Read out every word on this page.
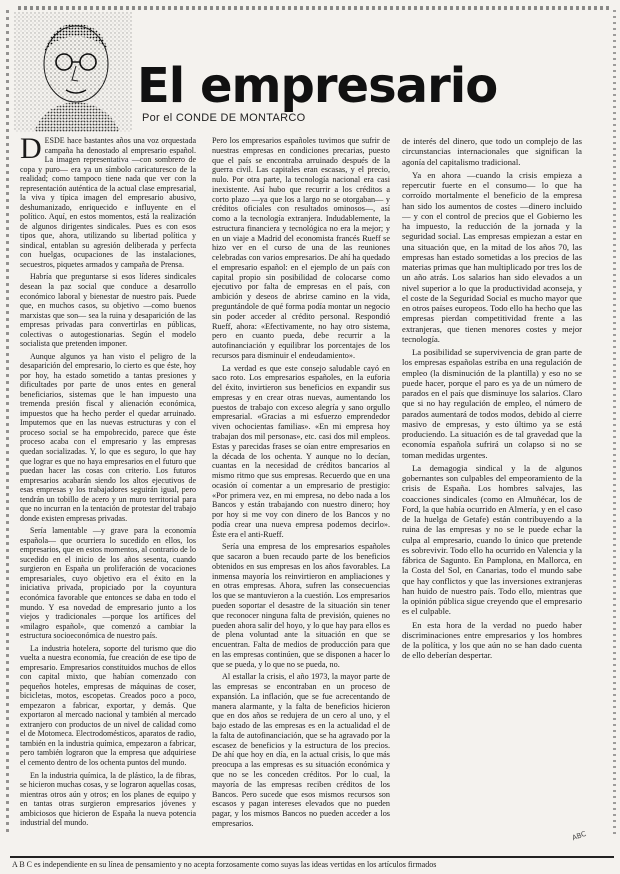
El empresario
Por el CONDE DE MONTARCO

DESDE hace bastantes años una voz orquestada campaña ha denostado al empresario español. La imagen representativa —con sombrero de copa y puro— era ya un símbolo caricaturesco de la realidad; como tampoco tiene nada que ver con la representación auténtica de la actual clase empresarial, la viva y típica imagen del empresario abusivo, deshumanizado, enriquecido e influyente en el político. Aquí, en estos momentos, está la realización de algunos dirigentes sindicales. Pues es con esos tipos que, ahora, utilizando su libertad política y sindical, entablan su agresión deliberada y perfecta con huelgas, ocupaciones de las instalaciones, secuestros, piquetes armados y campaña de Prensa.

Habría que preguntarse si esos líderes sindicales desean la paz social que conduce a desarrollo económico laboral y bienestar de nuestro país. Puede que, en muchos casos, su objetivo —como buenos marxistas que son— sea la ruina y desaparición de las empresas privadas para convertirlas en públicas, colectivas o autogestionarias. Según el modelo socialista que pretenden imponer.

Aunque algunos ya han visto el peligro de la desaparición del empresario, lo cierto es que éste, hoy por hoy, ha estado sometido a tantas presiones y dificultades por parte de unos entes en general beneficiarios, sistemas que le han impuesto una tremenda presión fiscal y alienación económica, impuestos que ha hecho perder el quedar arruinado. Imputemos que en las nuevas estructuras y con el proceso social se ha empobrecido, parece que éste proceso acaba con el empresario y las empresas quedan socializadas. Y, lo que es seguro, lo que hay que lograr es que no haya empresarios en el futuro que puedan hacer las cosas con criterio. Los futuros empresarios acabarán siendo los altos ejecutivos de esas empresas y los trabajadores seguirán igual, pero tendrán un tobillo de acero y un muro territorial para que no incurran en la tentación de protestar del trabajo donde existen empresas privadas.

Sería lamentable —y grave para la economía española— que ocurriera lo sucedido en ellos, los empresarios, que en estos momentos, al contrario de lo sucedido en el inicio de los años sesenta, cuando surgieron en España un proliferación de vocaciones empresariales, cuyo objetivo era el éxito en la iniciativa privada, propiciado por la coyuntura económica favorable que entonces se daba en todo el mundo. Y esa novedad de empresario junto a los viejos y tradicionales —porque los artífices del «milagro español», que comenzó a cambiar la estructura socioeconómica de nuestro país.

La industria hotelera, soporte del turismo que dio vuelta a nuestra economía, fue creación de ese tipo de empresario. Empresarios constituidos muchos de ellos con capital mixto, que habían comenzado con pequeños hoteles, empresas de máquinas de coser, bicicletas, motos, escopetas. Creados poco a poco, empezaron a fabricar, exportar, y demás. Que exportaron al mercado nacional y también al mercado extranjero con productos de un nivel de calidad como el de Motomeca. Electrodomésticos, aparatos de radio, también en la industria química, empezaron a fabricar, pero también lograron que la empresa que adquiriese el cemento dentro de los ochenta puntos del mundo.

En la industria química, la de plástico, la de fibras, se hicieron muchas cosas, y se lograron aquellas cosas, mientras otros aún y otros; en los planes de equipo y en tantas otras surgieron empresarios jóvenes y ambiciosos que hicieron de España la nueva potencia industrial del mundo.

Pero los empresarios españoles tuvimos que sufrir de nuestras empresas en condiciones precarias, puesto que el país se encontraba arruinado después de la guerra civil. Las capitales eran escasas, y el precio, nulo. Por otra parte, la tecnología nacional era casi inexistente. Así hubo que recurrir a los créditos a corto plazo —ya que los a largo no se otorgaban— y créditos oficiales con resultados ominosos—, así como a la tecnología extranjera. Indudablemente, la estructura financiera y tecnológica no era la mejor; y en un viaje a Madrid del economista francés Rueff se hizo ver en el curso de una de las reuniones celebradas con varios empresarios. De ahí ha quedado el empresario español: en el ejemplo de un país con capital propio sin posibilidad de colocarse como ejecutivo por falta de empresas en el país, con ambición y deseos de abrirse camino en la vida, preguntándole de qué forma podía montar un negocio sin poder acceder al crédito personal. Respondió Rueff, ahora: «Efectivamente, no hay otro sistema, pero en cuanto pueda, debe recurrir a la autofinanciación y equilibrar los porcentajes de los recursos para disminuir el endeudamiento».

La verdad es que este consejo saludable cayó en saco roto. Los empresarios españoles, en la euforia del éxito, invirtieron sus beneficios en expandir sus empresas y en crear otras nuevas, aumentando los puestos de trabajo con exceso alegría y sano orgullo empresarial. «Gracias a mi esfuerzo emprendedor viven ochocientas familias». «En mi empresa hoy trabajan dos mil personas», etc. casi dos mil empleos. Estas y parecidas frases se oían entre empresarios en la década de los ochenta. Y aunque no lo decían, cuantas en la necesidad de créditos bancarios al mismo ritmo que sus empresas. Recuerdo que en una ocasión oí comentar a un empresario de prestigio: «Por primera vez, en mi empresa, no debo nada a los Bancos y están trabajando con nuestro dinero; hoy por hoy si me voy con dinero de los Bancos y no podía crear una nueva empresa podemos decirlo». Éste era el anti-Rueff.

Sería una empresa de los empresarios españoles que sacaron a buen recaudo parte de los beneficios obtenidos en sus empresas en los años favorables. La inmensa mayoría los reinvirtieron en ampliaciones y en otras empresas. Ahora, sufren las consecuencias los que se mantuvieron a la cuestión. Los empresarios pueden soportar el desastre de la situación sin tener que reconocer ninguna falta de previsión, quienes no pueden ahora salir del hoyo, y lo que hay para ellos es de plena voluntad ante la situación en que se encuentran. Falta de medios de producción para que en las empresas continúen, que se disponen a hacer lo que se pueda, y lo que no se pueda, no.

Al estallar la crisis, el año 1973, la mayor parte de las empresas se encontraban en un proceso de expansión. La inflación, que se fue acrecentando de manera alarmante, y la falta de beneficios hicieron que en dos años se redujera de un cero al uno, y el bajo estado de las empresas es en la actualidad el de la falta de autofinanciación, que se ha agravado por la escasez de beneficios y la estructura de los precios. De ahí que hoy en día, en la actual crisis, lo que más preocupa a las empresas es su situación económica y que no se les conceden créditos. Por lo cual, la mayoría de las empresas reciben créditos de los Bancos. Pero sucede que esos mismos recursos son escasos y pagan intereses elevados que no pueden pagar, y los mismos Bancos no pueden acceder a los empresarios.

de interés del dinero, que todo un complejo de las circunstancias internacionales que significan la agonía del capitalismo tradicional.

Ya en ahora —cuando la crisis empieza a repercutir fuerte en el consumo— lo que ha corroído mortalmente el beneficio de la empresa han sido los aumentos de costes —dinero incluido— y con el control de precios que el Gobierno les ha impuesto, la reducción de la jornada y la seguridad social. Las empresas empiezan a estar en una situación que, en la mitad de los años 70, las empresas han estado sometidas a los precios de las materias primas que han multiplicado por tres los de un año atrás. Los salarios han sido elevados a un nivel superior a lo que la productividad aconseja, y el coste de la Seguridad Social es mucho mayor que en otros países europeos. Todo ello ha hecho que las empresas pierdan competitividad frente a las extranjeras, que tienen menores costes y mejor tecnología.

La posibilidad se supervivencia de gran parte de los empresas españolas estriba en una regulación de empleo (la disminución de la plantilla) y eso no se puede hacer, porque el paro es ya de un número de parados en el país que disminuye los salarios. Claro que si no hay regulación de empleo, el número de parados aumentará de todos modos, debido al cierre masivo de empresas, y esto último ya se está produciendo. La situación es de tal gravedad que la economía española sufrirá un colapso si no se toman medidas urgentes.

La demagogia sindical y la de algunos gobernantes son culpables del empeoramiento de la crisis de España. Los hombres salvajes, las coacciones sindicales (como en Almuñécar, los de Ford, la que había ocurrido en Almería, y en el caso de la huelga de Getafe) están contribuyendo a la ruina de las empresas y no se le puede echar la culpa al empresario, cuando lo único que pretende es sobrevivir. Todo ello ha ocurrido en Valencia y la fábrica de Sagunto. En Pamplona, en Mallorca, en la Costa del Sol, en Canarias, todo el mundo sabe que hay conflictos y que las inversiones extranjeras han huido de nuestro país. Todo ello, mientras que la opinión pública sigue creyendo que el empresario es el culpable.

En esta hora de la verdad no puedo haber discriminaciones entre empresarios y los hombres de la política, y los que aún no se han dado cuenta de ello deberían despertar.

ABC
A B C es independiente en su línea de pensamiento y no acepta forzosamente como suyas las ideas vertidas en los artículos firmados
